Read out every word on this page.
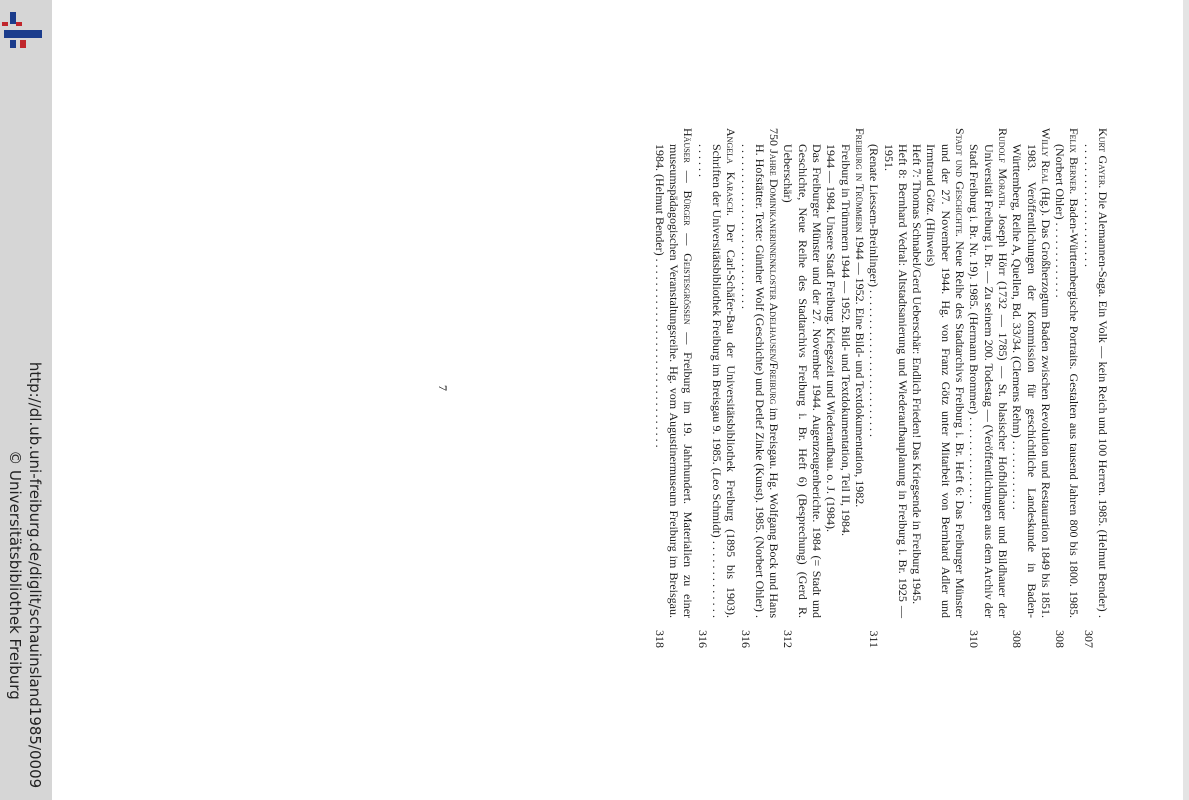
http://dl.ub.uni-freiburg.de/diglit/schauinsland1985/0009
© Universitätsbibliothek Freiburg
Kurt Gayer. Die Alemannen-Saga. Ein Volk — kein Reich und 100 Herren. 1985. (Helmut Bender) . . . . . . . . . . . . . . . . . . . . . .
307
Felix Berner. Baden-Württembergische Portraits. Gestalten aus tausend Jahren 800 bis 1800. 1985. (Norbert Ohler) . . . . . . . . . . . . .
308
Willy Real (Hg.). Das Großherzogtum Baden zwischen Revolution und Restauration 1849 bis 1851. 1983. Veröffentlichungen der Kommission für geschichtliche Landeskunde in Baden-Württemberg, Reihe A, Quellen, Bd. 33/34. (Clemens Rehm) . . . . . . . . . . . .
308
Rudolf Morath. Joseph Hörr (1732 — 1785) — St. blasischer Hofbildhauer und Bildhauer der Universität Freiburg i. Br. — Zu seinem 200. Todestag — (Veröffentlichungen aus dem Archiv der Stadt Freiburg i. Br. Nr. 19). 1985. (Hermann Brommer) . . . . . . . . . . . . . . .
310
Stadt und Geschichte. Neue Reihe des Stadtarchivs Freiburg i. Br. Heft 6: Das Freiburger Münster und der 27. November 1944. Hg. von Franz Götz unter Mitarbeit von Bernhard Adler und Irmtraud Götz. (Hinweis)
Heft 7: Thomas Schnabel/Gerd Ueberschär: Endlich Frieden! Das Kriegsende in Freiburg 1945.
Heft 8: Bernhard Vedral: Altstadtsanierung und Wiederaufbauplanung in Freiburg i. Br. 1925 — 1951.
(Renate Liessem-Breinlinger) . . . . . . . . . . . . . . . . . . . . . . . . .
311
Freiburg in Trümmern 1944 — 1952. Eine Bild- und Textdokumentation, 1982.
Freiburg in Trümmern 1944 — 1952. Bild- und Textdokumentation, Teil II, 1984.
1944 — 1984. Unsere Stadt Freiburg. Kriegszeit und Wiederaufbau. o. J. (1984).
Das Freiburger Münster und der 27. November 1944. Augenzeugenberichte. 1984 (= Stadt und Geschichte, Neue Reihe des Stadtarchivs Freiburg i. Br. Heft 6) (Besprechung) (Gerd R. Ueberschär)
312
750 Jahre Dominikanerinnenkloster Adelhausen/Freiburg im Breisgau. Hg. Wolfgang Bock und Hans H. Hofstätter. Texte: Günther Wolf (Geschichte) und Detlef Zinke (Kunst). 1985. (Norbert Ohler) . . . . . . . . . . . . . . . . . . . . . . . . . . . . .
316
Angela Karasch. Der Carl-Schäfer-Bau der Universitätsbibliothek Freiburg (1895 bis 1903). Schriften der Universitätsbibliothek Freiburg im Breisgau 9. 1985. (Leo Schmidt) . . . . . . . . . . . . . . . . . . .
316
Häuser — Bürger — Geistesgrössen — Freiburg im 19. Jahrhundert. Materialien zu einer museumspädagogischen Veranstaltungsreihe. Hg. vom Augustinermuseum Freiburg im Breisgau. 1984. (Helmut Bender) . . . . . . . . . . . . . . . . . . . . . . . . . . . . . . . .
318
7
